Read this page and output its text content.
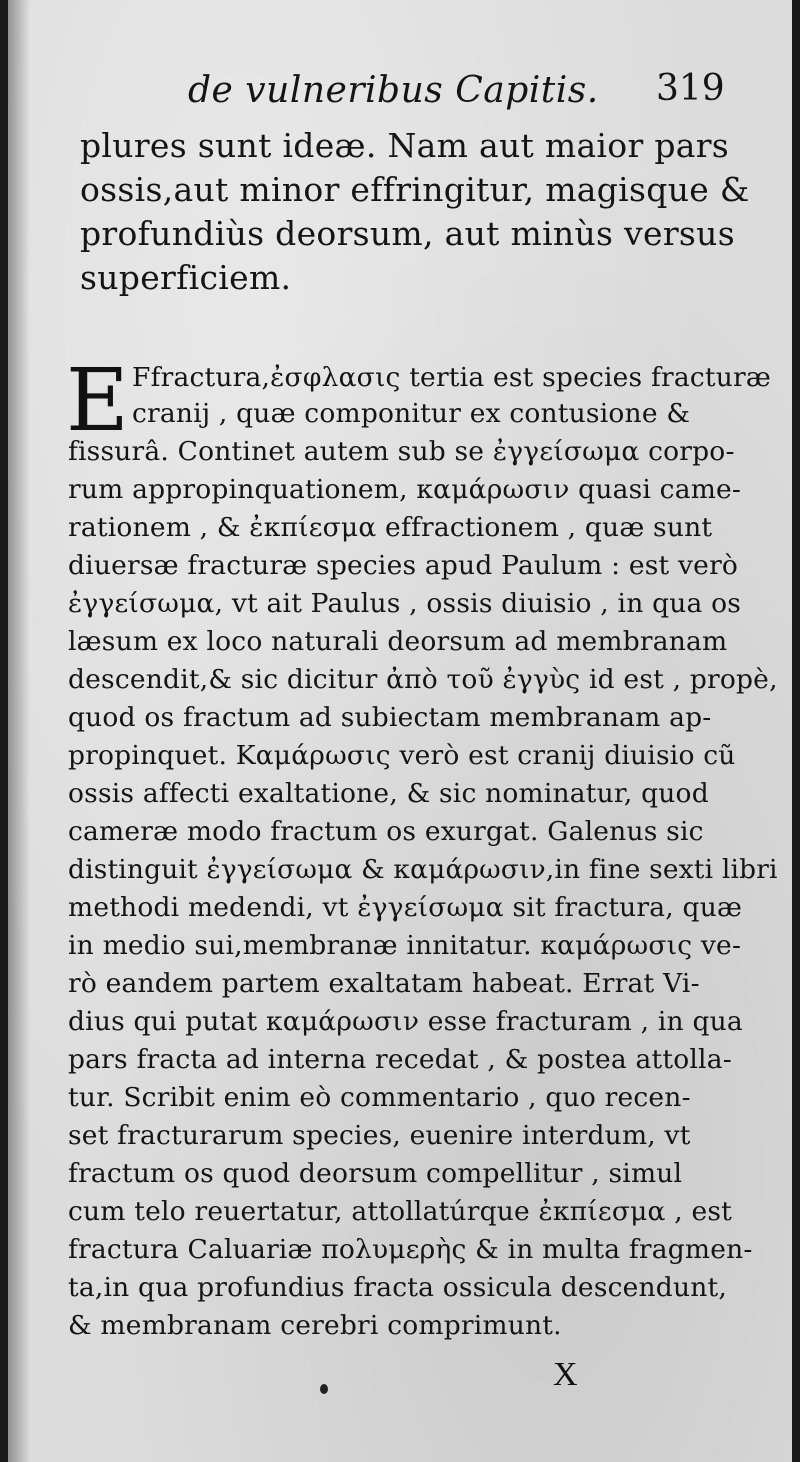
de vulneribus Capitis. 319
plures sunt ideæ. Nam aut maior pars
ossis,aut minor effringitur, magisque &
profundiùs deorsum, aut minùs versus
superficiem.
E Ffractura,ἐσφλασις tertia est species fracturæ
cranij , quæ componitur ex contusione &
fissurâ. Continet autem sub se ἐγγείσωμα corpo-
rum appropinquationem, καμάρωσιν quasi came-
rationem , & ἐκπίεσμα effractionem , quæ sunt
diuersæ fracturæ species apud Paulum : est verò
ἐγγείσωμα, vt ait Paulus , ossis diuisio , in qua os
læsum ex loco naturali deorsum ad membranam
descendit,& sic dicitur ἀπὸ τοῦ ἐγγὺς id est , propè,
quod os fractum ad subiectam membranam ap-
propinquet. Καμάρωσις verò est cranij diuisio cũ
ossis affecti exaltatione, & sic nominatur, quod
cameræ modo fractum os exurgat. Galenus sic
distinguit ἐγγείσωμα & καμάρωσιν,in fine sexti libri
methodi medendi, vt ἐγγείσωμα sit fractura, quæ
in medio sui,membranæ innitatur. καμάρωσις ve-
rò eandem partem exaltatam habeat. Errat Vi-
dius qui putat καμάρωσιν esse fracturam , in qua
pars fracta ad interna recedat , & postea attolla-
tur. Scribit enim eò commentario , quo recen-
set fracturarum species, euenire interdum, vt
fractum os quod deorsum compellitur , simul
cum telo reuertatur, attollatúrque ἐκπίεσμα , est
fractura Caluariæ πολυμερὴς & in multa fragmen-
ta,in qua profundius fracta ossicula descendunt,
& membranam cerebri comprimunt.
X
